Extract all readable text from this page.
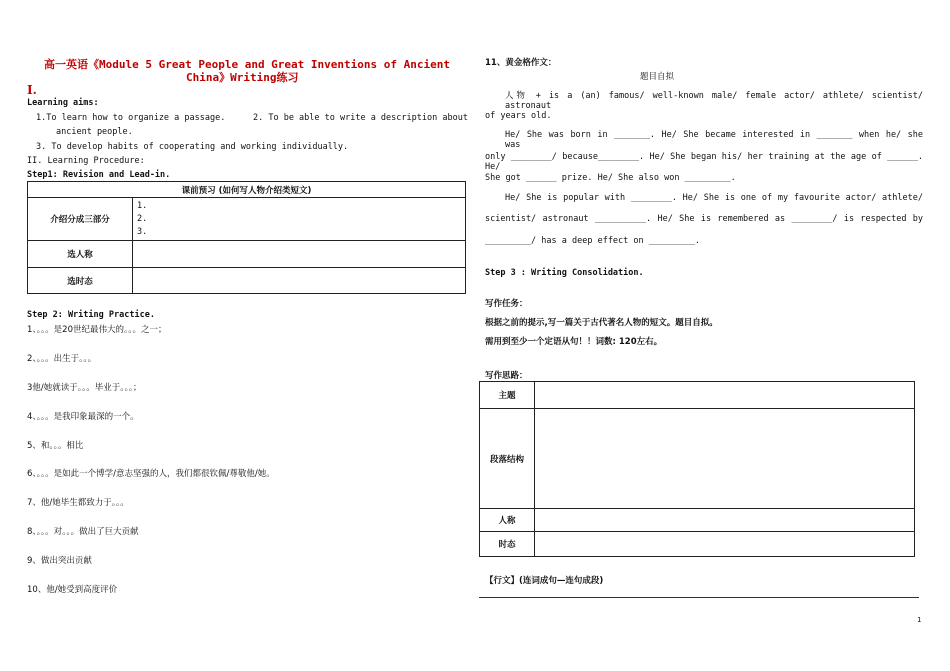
高一英语《Module 5 Great People and Great Inventions of Ancient
China》Writing练习
I.
Learning aims:
1.To learn how to organize a passage.	2. To be able to write a description about
ancient people.
3. To develop habits of cooperating and working individually.
II. Learning Procedure:
Step1: Revision and Lead-in.
课前预习 (如何写人物介绍类短文)	
介绍分成三部分	1.
2.
3.

选人称	
选时态	
Step 2: Writing Practice.
1、。。。是20世纪最伟大的。。。之一；
2、。。。出生于。。。
3他/她就读于。。。毕业于。。。；
4、。。。是我印象最深的一个。
5、和。。。相比
6、。。。是如此一个博学/意志坚强的人，我们都很钦佩/尊敬他/她。
7、他/她毕生都致力于。。。
8、。。。对。。。做出了巨大贡献
9、做出突出贡献
10、他/她受到高度评价
11、黄金格作文：
题目自拟
人物 + is a (an) famous/ well-known male/ female actor/ athlete/ scientist/ astronaut
of years old.
He/ She was born in _______. He/ She became interested in _______ when he/ she was
only ________/ because________. He/ She began his/ her training at the age of ______. He/
She got ______ prize. He/ She also won _________.
He/ She is popular with ________. He/ She is one of my favourite actor/ athlete/
scientist/ astronaut __________. He/ She is remembered as ________/ is respected by
_________/ has a deep effect on _________.
Step 3 : Writing Consolidation.
写作任务：
根据之前的提示,写一篇关于古代著名人物的短文。题目自拟。
需用到至少一个定语从句！！词数: 120左右。
写作思路：
主题	
段落结构	
人称	
时态	
【行文】(连词成句—连句成段)
1
